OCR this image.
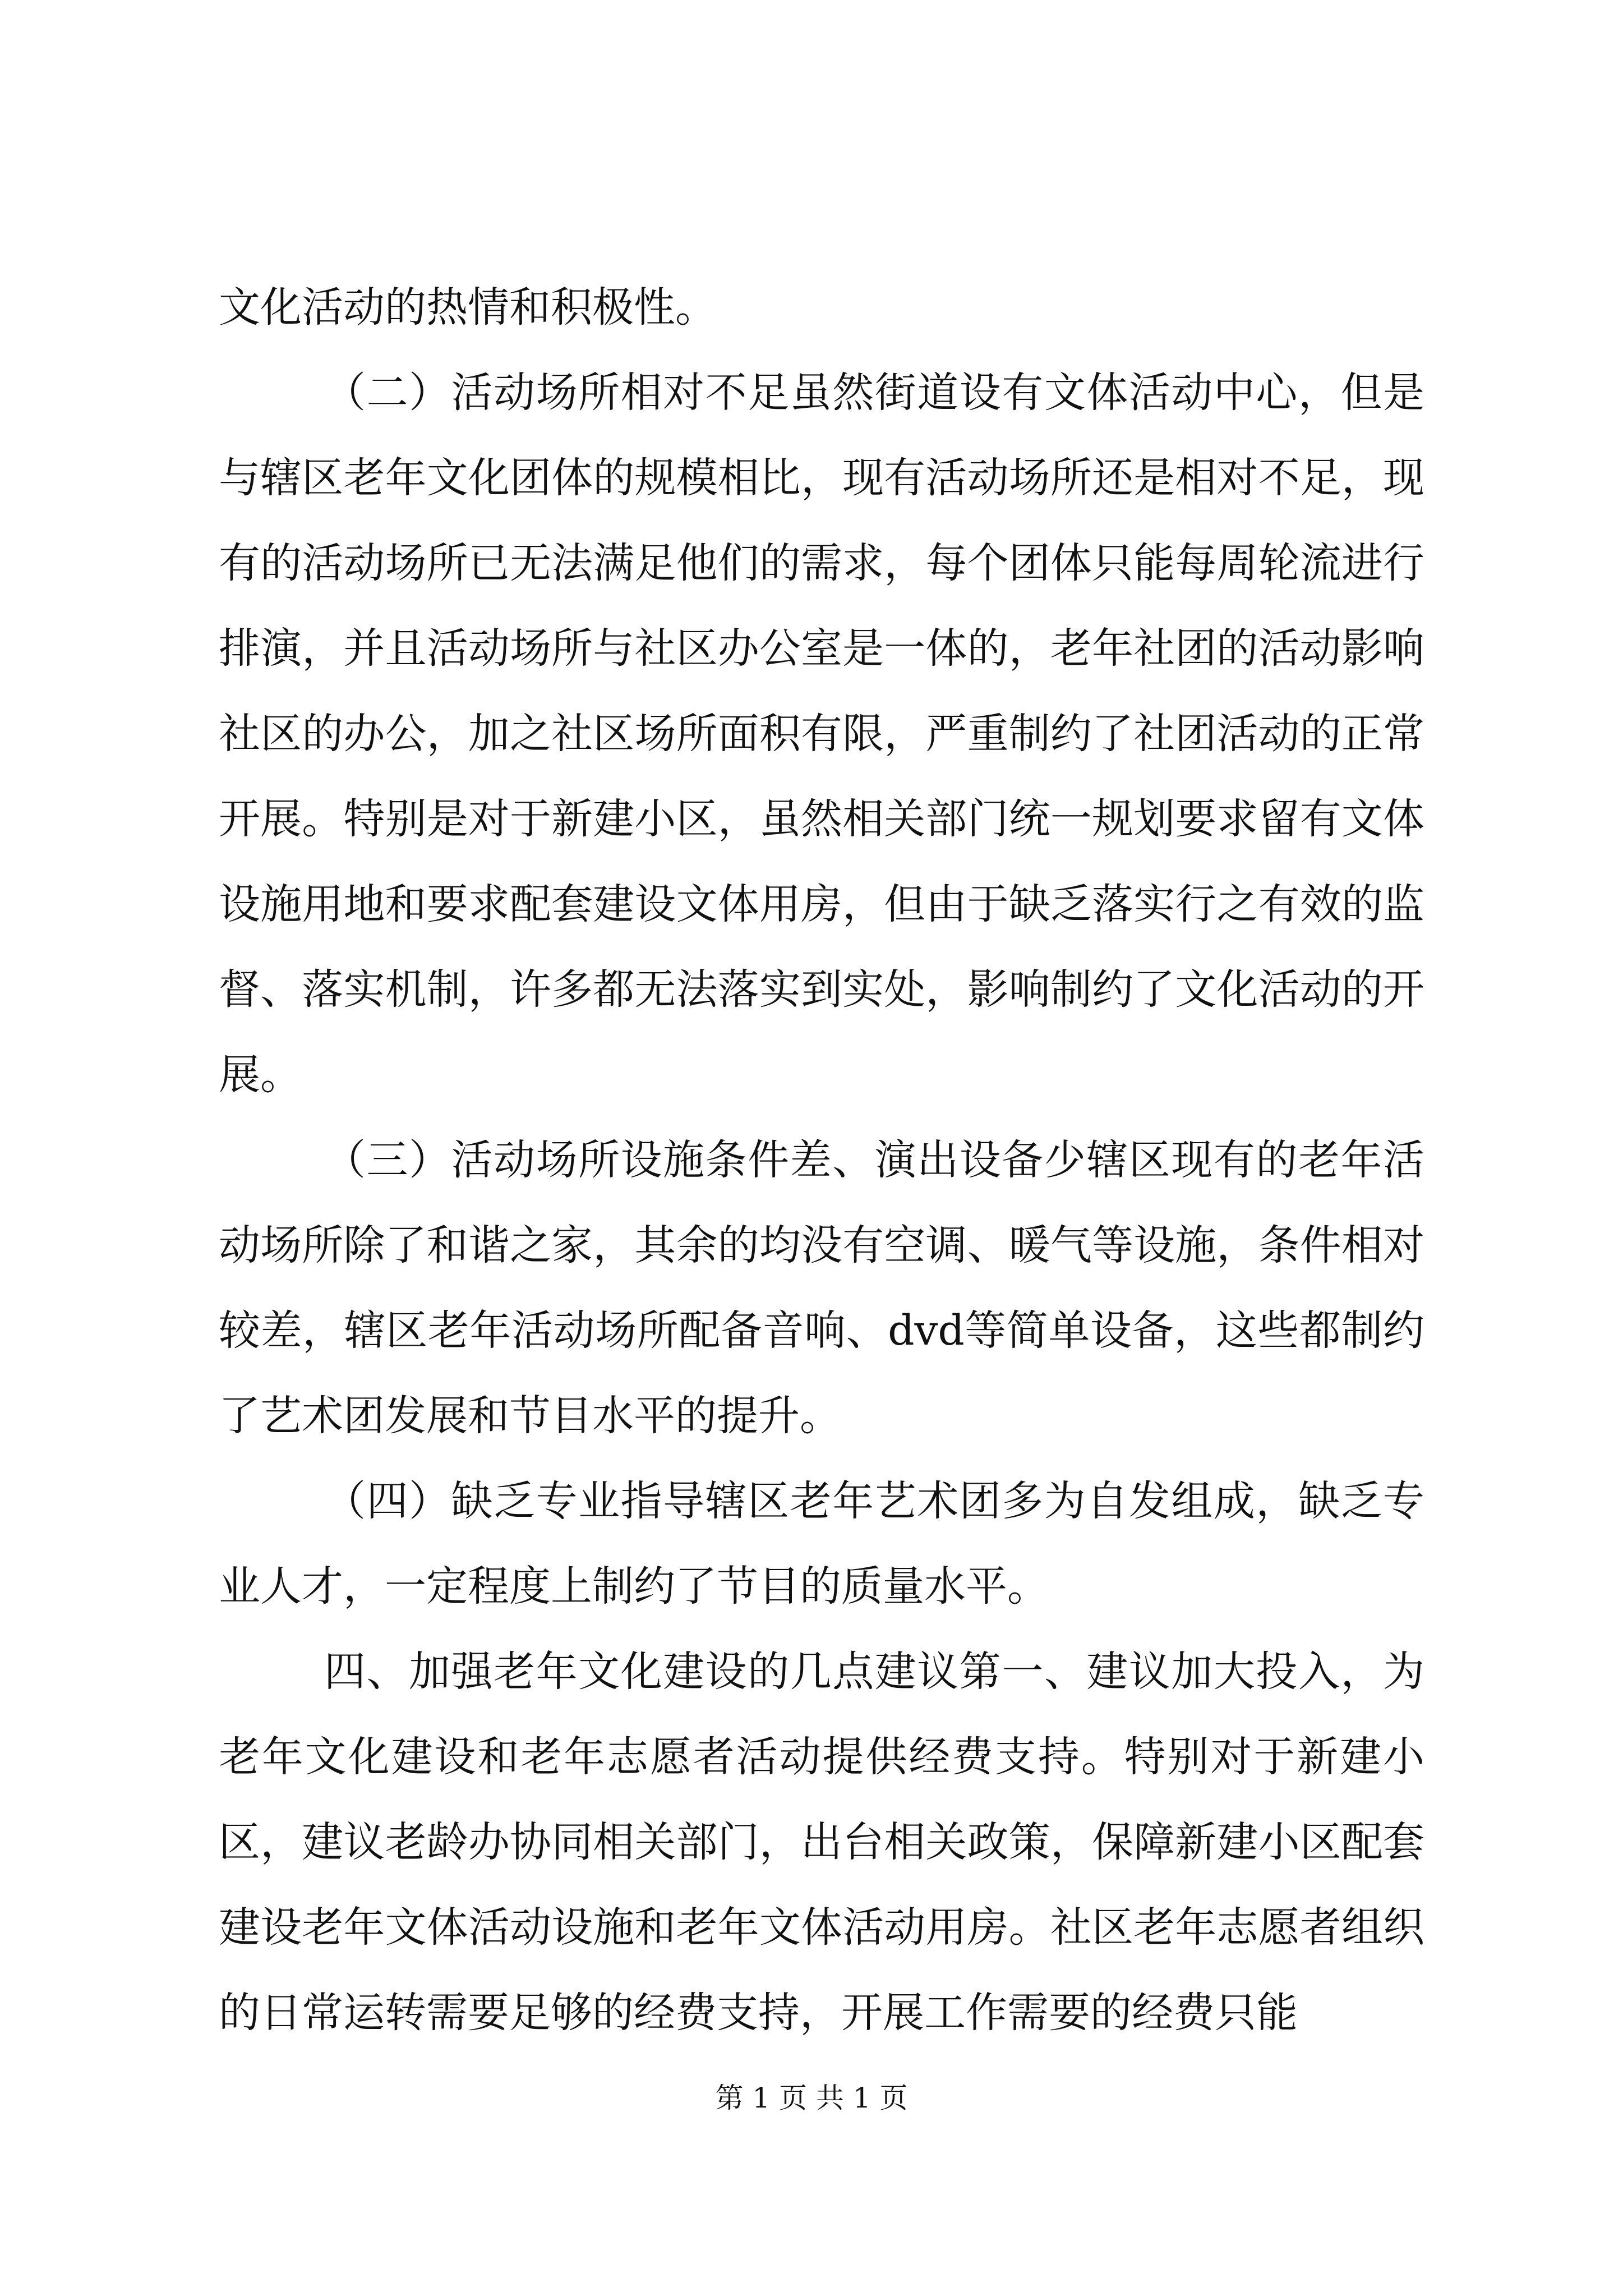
文化活动的热情和积极性。

（二）活动场所相对不足虽然街道设有文体活动中心，但是与辖区老年文化团体的规模相比，现有活动场所还是相对不足，现有的活动场所已无法满足他们的需求，每个团体只能每周轮流进行排演，并且活动场所与社区办公室是一体的，老年社团的活动影响社区的办公，加之社区场所面积有限，严重制约了社团活动的正常开展。特别是对于新建小区，虽然相关部门统一规划要求留有文体设施用地和要求配套建设文体用房，但由于缺乏落实行之有效的监督、落实机制，许多都无法落实到实处，影响制约了文化活动的开展。

（三）活动场所设施条件差、演出设备少辖区现有的老年活动场所除了和谐之家，其余的均没有空调、暖气等设施，条件相对较差，辖区老年活动场所配备音响、dvd等简单设备，这些都制约了艺术团发展和节目水平的提升。

（四）缺乏专业指导辖区老年艺术团多为自发组成，缺乏专业人才，一定程度上制约了节目的质量水平。

四、加强老年文化建设的几点建议第一、建议加大投入，为老年文化建设和老年志愿者活动提供经费支持。特别对于新建小区，建议老龄办协同相关部门，出台相关政策，保障新建小区配套建设老年文体活动设施和老年文体活动用房。社区老年志愿者组织的日常运转需要足够的经费支持，开展工作需要的经费只能

第 1 页 共 1 页
